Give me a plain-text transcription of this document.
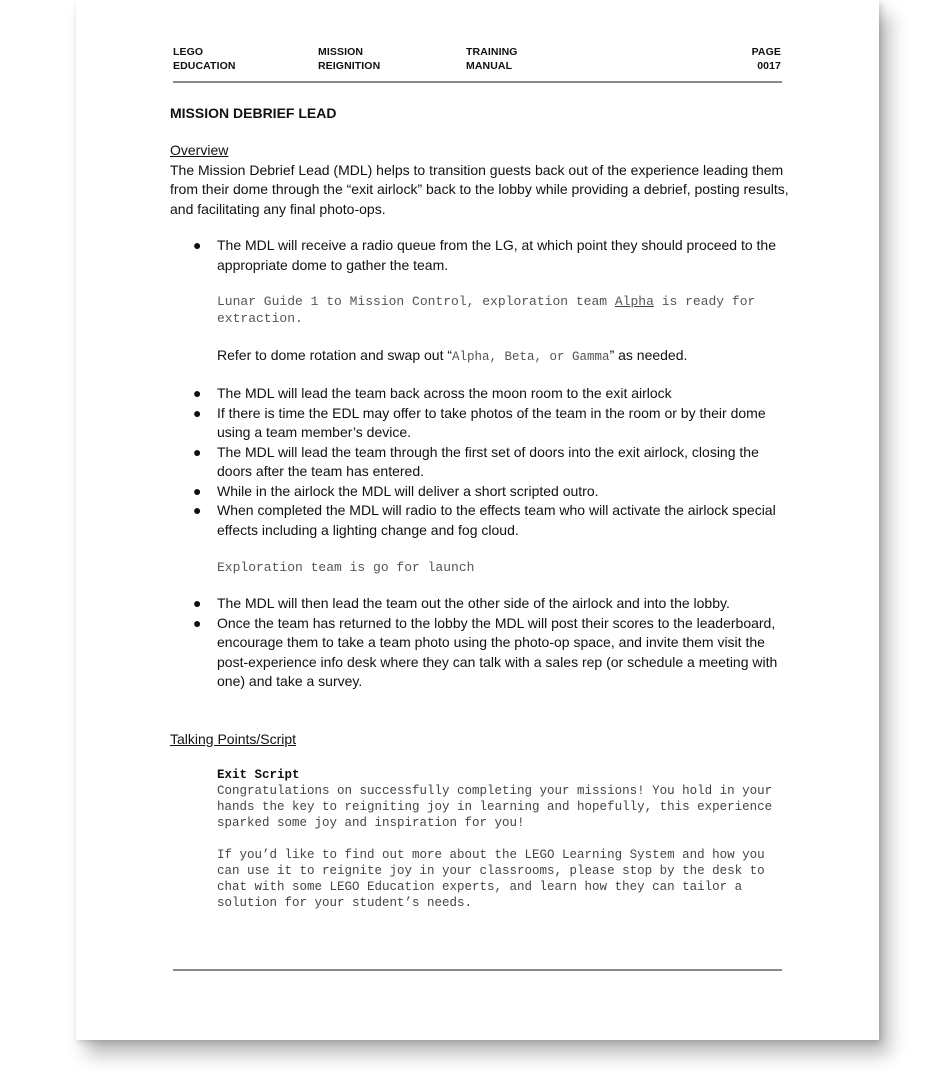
LEGO
EDUCATION
MISSION
REIGNITION
TRAINING
MANUAL
PAGE
0017
MISSION DEBRIEF LEAD

Overview

The Mission Debrief Lead (MDL) helps to transition guests back out of the experience leading them from their dome through the “exit airlock” back to the lobby while providing a debrief, posting results, and facilitating any final photo-ops.

● The MDL will receive a radio queue from the LG, at which point they should proceed to the appropriate dome to gather the team.
Lunar Guide 1 to Mission Control, exploration team Alpha is ready for extraction.
Refer to dome rotation and swap out “Alpha, Beta, or Gamma” as needed.
● The MDL will lead the team back across the moon room to the exit airlock
● If there is time the EDL may offer to take photos of the team in the room or by their dome using a team member’s device.
● The MDL will lead the team through the first set of doors into the exit airlock, closing the doors after the team has entered.
● While in the airlock the MDL will deliver a short scripted outro.
● When completed the MDL will radio to the effects team who will activate the airlock special effects including a lighting change and fog cloud.
Exploration team is go for launch
● The MDL will then lead the team out the other side of the airlock and into the lobby.
● Once the team has returned to the lobby the MDL will post their scores to the leaderboard, encourage them to take a team photo using the photo-op space, and invite them visit the post-experience info desk where they can talk with a sales rep (or schedule a meeting with one) and take a survey.

Talking Points/Script

Exit Script

Congratulations on successfully completing your missions! You hold in your hands the key to reigniting joy in learning and hopefully, this experience sparked some joy and inspiration for you!

If you’d like to find out more about the LEGO Learning System and how you can use it to reignite joy in your classrooms, please stop by the desk to chat with some LEGO Education experts, and learn how they can tailor a solution for your student’s needs.
